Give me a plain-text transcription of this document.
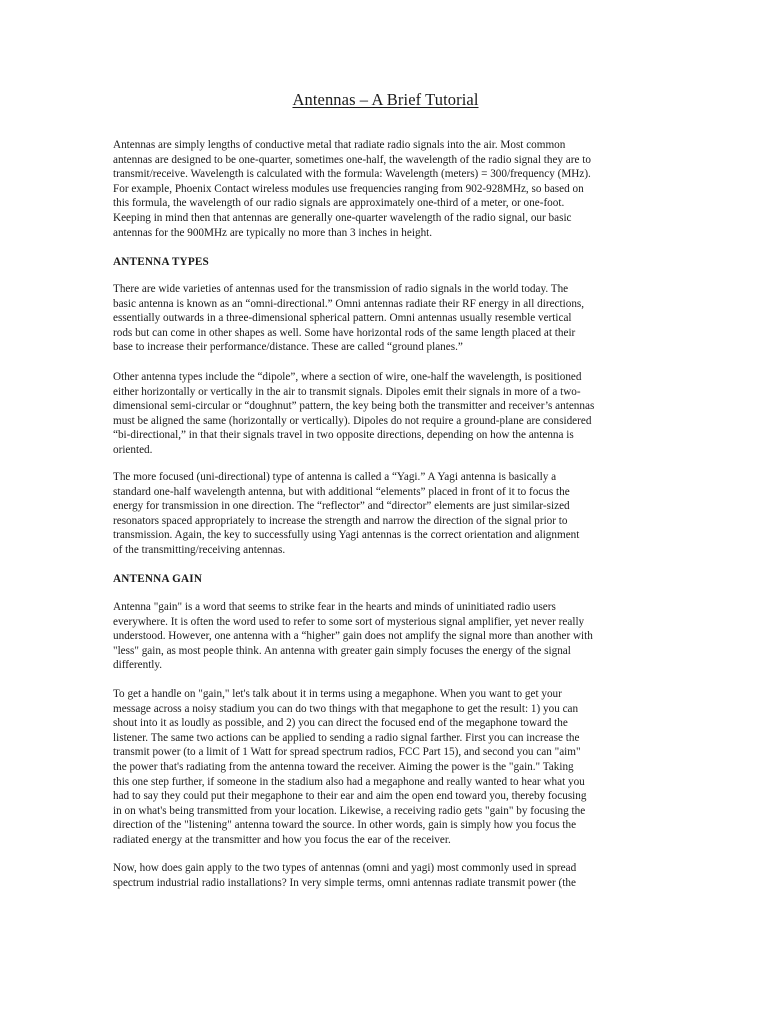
Antennas – A Brief Tutorial
Antennas are simply lengths of conductive metal that radiate radio signals into the air. Most common
antennas are designed to be one-quarter, sometimes one-half, the wavelength of the radio signal they are to
transmit/receive. Wavelength is calculated with the formula: Wavelength (meters) = 300/frequency (MHz).
For example, Phoenix Contact wireless modules use frequencies ranging from 902-928MHz, so based on
this formula, the wavelength of our radio signals are approximately one-third of a meter, or one-foot.
Keeping in mind then that antennas are generally one-quarter wavelength of the radio signal, our basic
antennas for the 900MHz are typically no more than 3 inches in height.
ANTENNA TYPES
There are wide varieties of antennas used for the transmission of radio signals in the world today. The
basic antenna is known as an “omni-directional.” Omni antennas radiate their RF energy in all directions,
essentially outwards in a three-dimensional spherical pattern. Omni antennas usually resemble vertical
rods but can come in other shapes as well. Some have horizontal rods of the same length placed at their
base to increase their performance/distance. These are called “ground planes.”
Other antenna types include the “dipole”, where a section of wire, one-half the wavelength, is positioned
either horizontally or vertically in the air to transmit signals. Dipoles emit their signals in more of a two-
dimensional semi-circular or “doughnut” pattern, the key being both the transmitter and receiver’s antennas
must be aligned the same (horizontally or vertically). Dipoles do not require a ground-plane are considered
“bi-directional,” in that their signals travel in two opposite directions, depending on how the antenna is
oriented.
The more focused (uni-directional) type of antenna is called a “Yagi.” A Yagi antenna is basically a
standard one-half wavelength antenna, but with additional “elements” placed in front of it to focus the
energy for transmission in one direction. The “reflector” and “director” elements are just similar-sized
resonators spaced appropriately to increase the strength and narrow the direction of the signal prior to
transmission. Again, the key to successfully using Yagi antennas is the correct orientation and alignment
of the transmitting/receiving antennas.
ANTENNA GAIN
Antenna "gain" is a word that seems to strike fear in the hearts and minds of uninitiated radio users
everywhere. It is often the word used to refer to some sort of mysterious signal amplifier, yet never really
understood. However, one antenna with a “higher” gain does not amplify the signal more than another with
"less" gain, as most people think. An antenna with greater gain simply focuses the energy of the signal
differently.
To get a handle on "gain," let's talk about it in terms using a megaphone. When you want to get your
message across a noisy stadium you can do two things with that megaphone to get the result: 1) you can
shout into it as loudly as possible, and 2) you can direct the focused end of the megaphone toward the
listener. The same two actions can be applied to sending a radio signal farther. First you can increase the
transmit power (to a limit of 1 Watt for spread spectrum radios, FCC Part 15), and second you can "aim"
the power that's radiating from the antenna toward the receiver. Aiming the power is the "gain." Taking
this one step further, if someone in the stadium also had a megaphone and really wanted to hear what you
had to say they could put their megaphone to their ear and aim the open end toward you, thereby focusing
in on what's being transmitted from your location. Likewise, a receiving radio gets "gain" by focusing the
direction of the "listening" antenna toward the source. In other words, gain is simply how you focus the
radiated energy at the transmitter and how you focus the ear of the receiver.
Now, how does gain apply to the two types of antennas (omni and yagi) most commonly used in spread
spectrum industrial radio installations? In very simple terms, omni antennas radiate transmit power (the
